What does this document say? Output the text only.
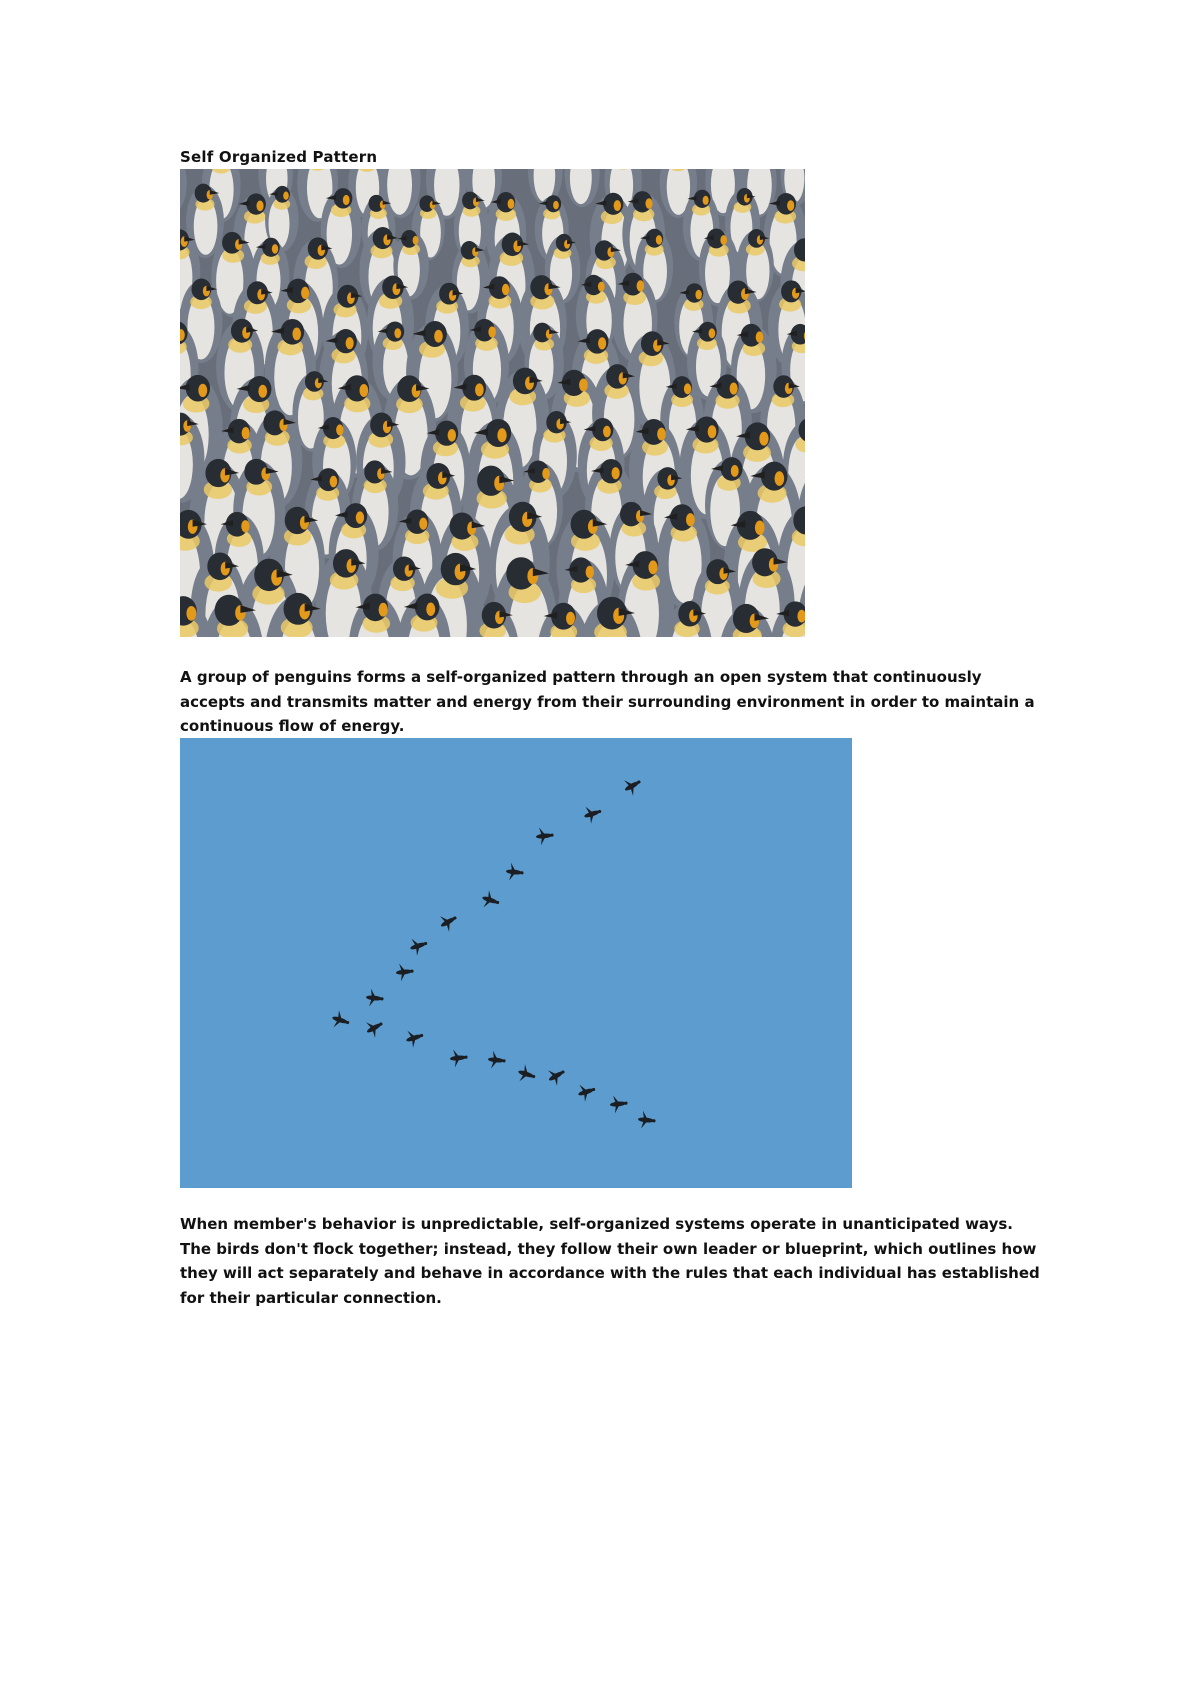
Self Organized Pattern
A group of penguins forms a self-organized pattern through an open system that continuously accepts and transmits matter and energy from their surrounding environment in order to maintain a continuous flow of energy.
When member's behavior is unpredictable, self-organized systems operate in unanticipated ways. The birds don't flock together; instead, they follow their own leader or blueprint, which outlines how they will act separately and behave in accordance with the rules that each individual has established for their particular connection.
